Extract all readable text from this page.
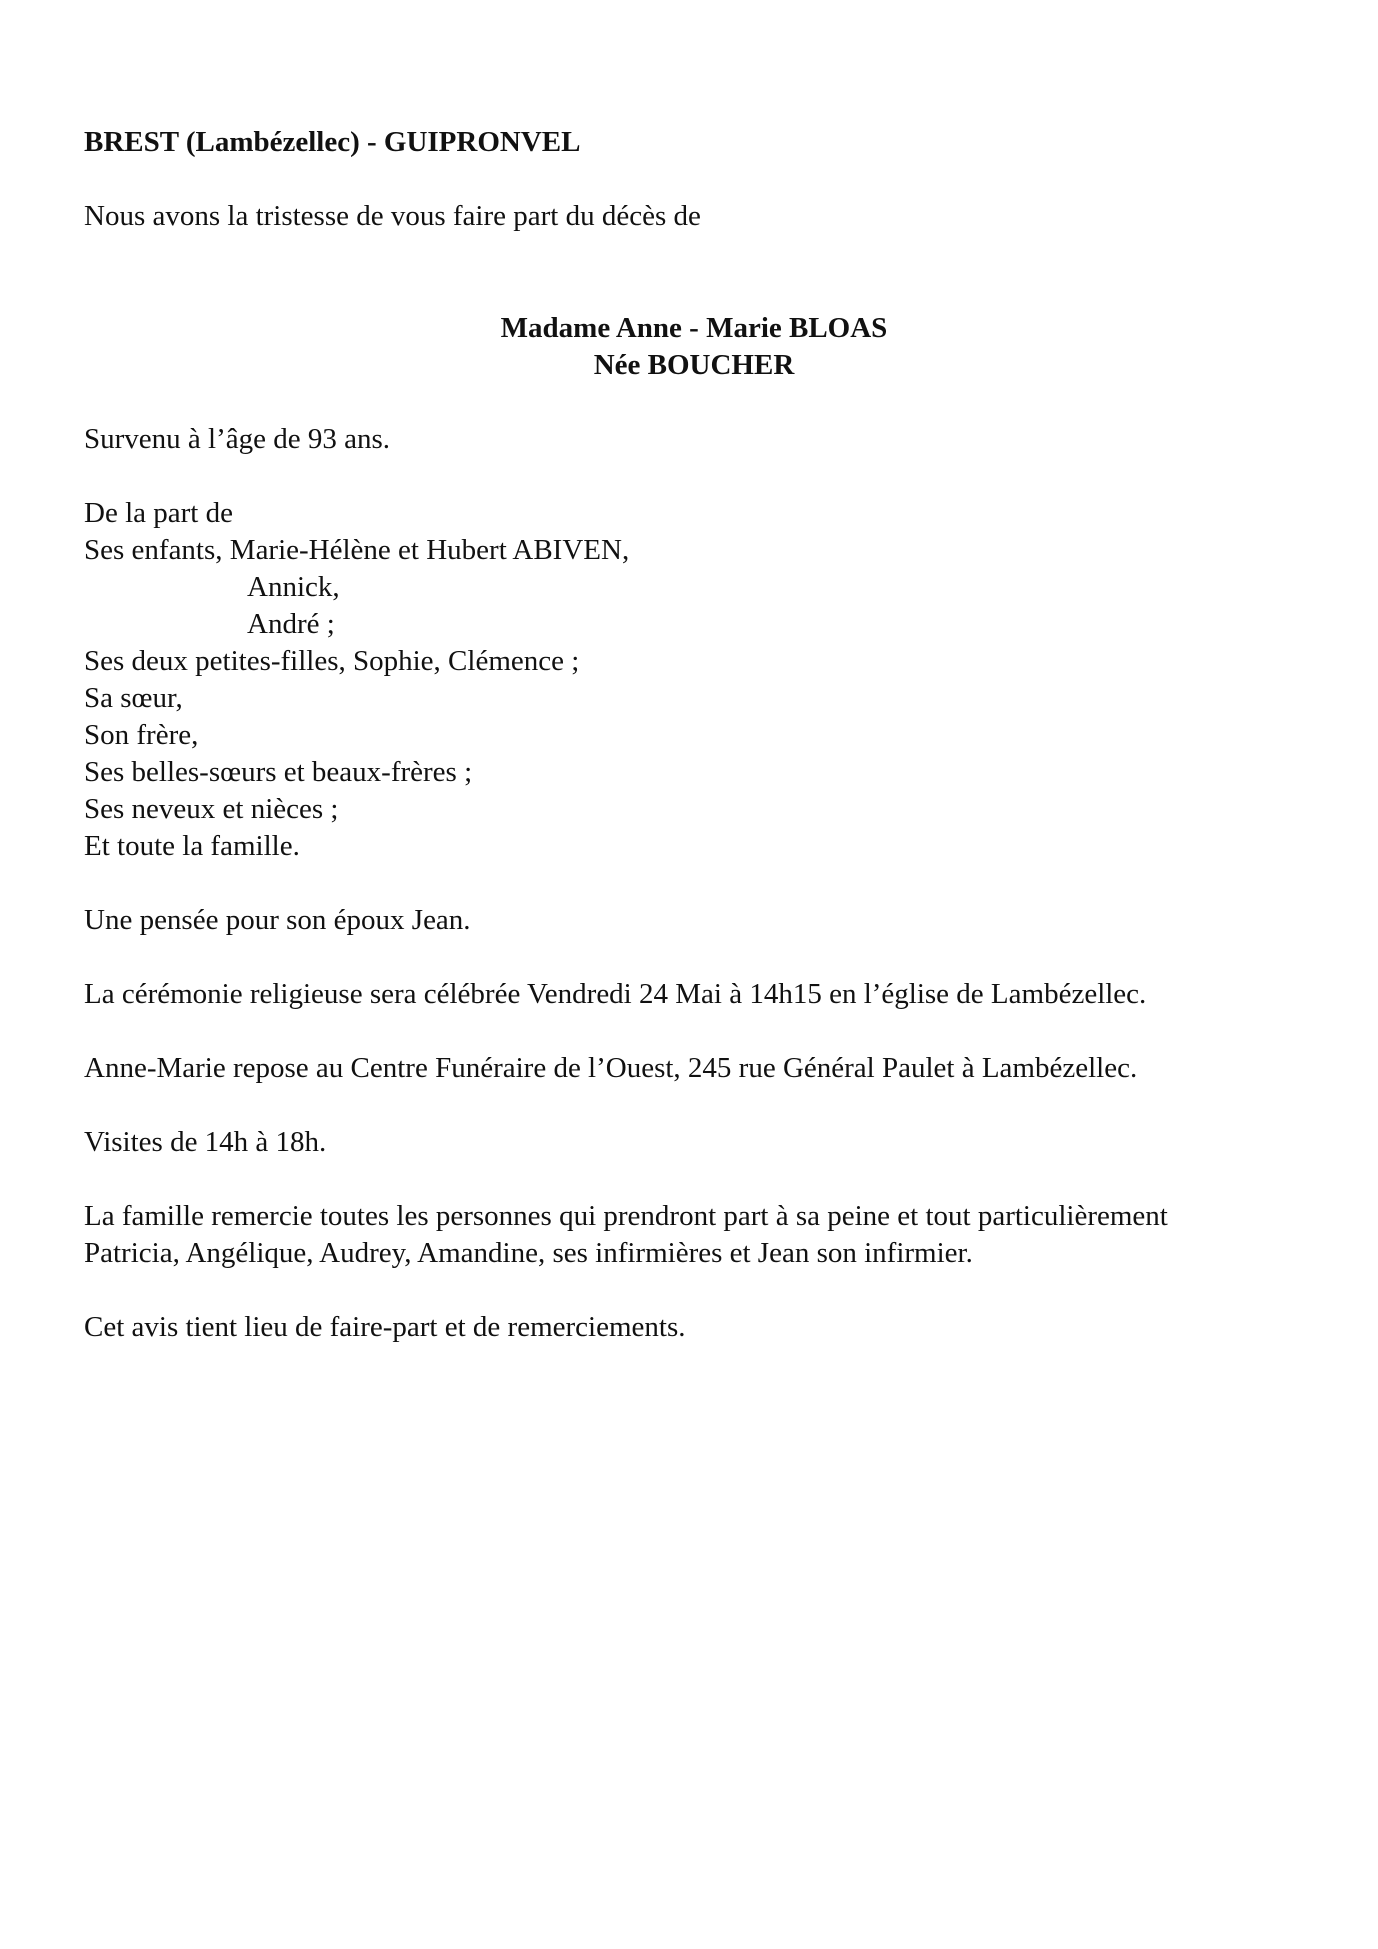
BREST (Lambézellec) - GUIPRONVEL

Nous avons la tristesse de vous faire part du décès de

Madame Anne - Marie BLOAS

Née BOUCHER

Survenu à l’âge de 93 ans.

De la part de

Ses enfants, Marie-Hélène et Hubert ABIVEN,

Annick,

André ;

Ses deux petites-filles, Sophie, Clémence ;

Sa sœur,

Son frère,

Ses belles-sœurs et beaux-frères ;

Ses neveux et nièces ;

Et toute la famille.

Une pensée pour son époux Jean.

La cérémonie religieuse sera célébrée Vendredi 24 Mai à 14h15 en l’église de Lambézellec.

Anne-Marie repose au Centre Funéraire de l’Ouest, 245 rue Général Paulet à Lambézellec.

Visites de 14h à 18h.

La famille remercie toutes les personnes qui prendront part à sa peine et tout particulièrement

Patricia, Angélique, Audrey, Amandine, ses infirmières et Jean son infirmier.

Cet avis tient lieu de faire-part et de remerciements.
